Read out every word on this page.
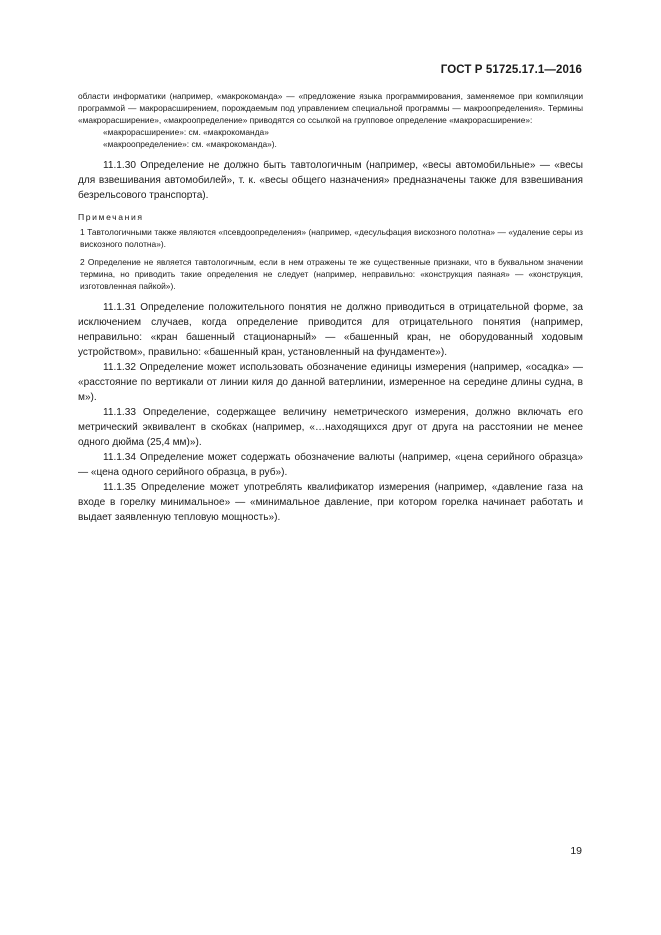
ГОСТ Р 51725.17.1—2016

области информатики (например, «макрокоманда» — «предложение языка программирования, заменяемое при компиляции программой — макрорасширением, порождаемым под управлением специальной программы — макроопределения». Термины «макрорасширение», «макроопределение» приводятся со ссылкой на групповое определение «макрорасширение»:

«макрорасширение»: см. «макрокоманда»

«макроопределение»: см. «макрокоманда»).

11.1.30 Определение не должно быть тавтологичным (например, «весы автомобильные» — «весы для взвешивания автомобилей», т. к. «весы общего назначения» предназначены также для взвешивания безрельсового транспорта).

Примечания

1 Тавтологичными также являются «псевдоопределения» (например, «десульфация вискозного полотна» — «удаление серы из вискозного полотна»).

2 Определение не является тавтологичным, если в нем отражены те же существенные признаки, что в буквальном значении термина, но приводить такие определения не следует (например, неправильно: «конструкция паяная» — «конструкция, изготовленная пайкой»).

11.1.31 Определение положительного понятия не должно приводиться в отрицательной форме, за исключением случаев, когда определение приводится для отрицательного понятия (например, неправильно: «кран башенный стационарный» — «башенный кран, не оборудованный ходовым устройством», правильно: «башенный кран, установленный на фундаменте»).

11.1.32 Определение может использовать обозначение единицы измерения (например, «осадка» — «расстояние по вертикали от линии киля до данной ватерлинии, измеренное на середине длины судна, в м»).

11.1.33 Определение, содержащее величину неметрического измерения, должно включать его метрический эквивалент в скобках (например, «…находящихся друг от друга на расстоянии не менее одного дюйма (25,4 мм)»).

11.1.34 Определение может содержать обозначение валюты (например, «цена серийного образца» — «цена одного серийного образца, в руб»).

11.1.35 Определение может употреблять квалификатор измерения (например, «давление газа на входе в горелку минимальное» — «минимальное давление, при котором горелка начинает работать и выдает заявленную тепловую мощность»).

19
